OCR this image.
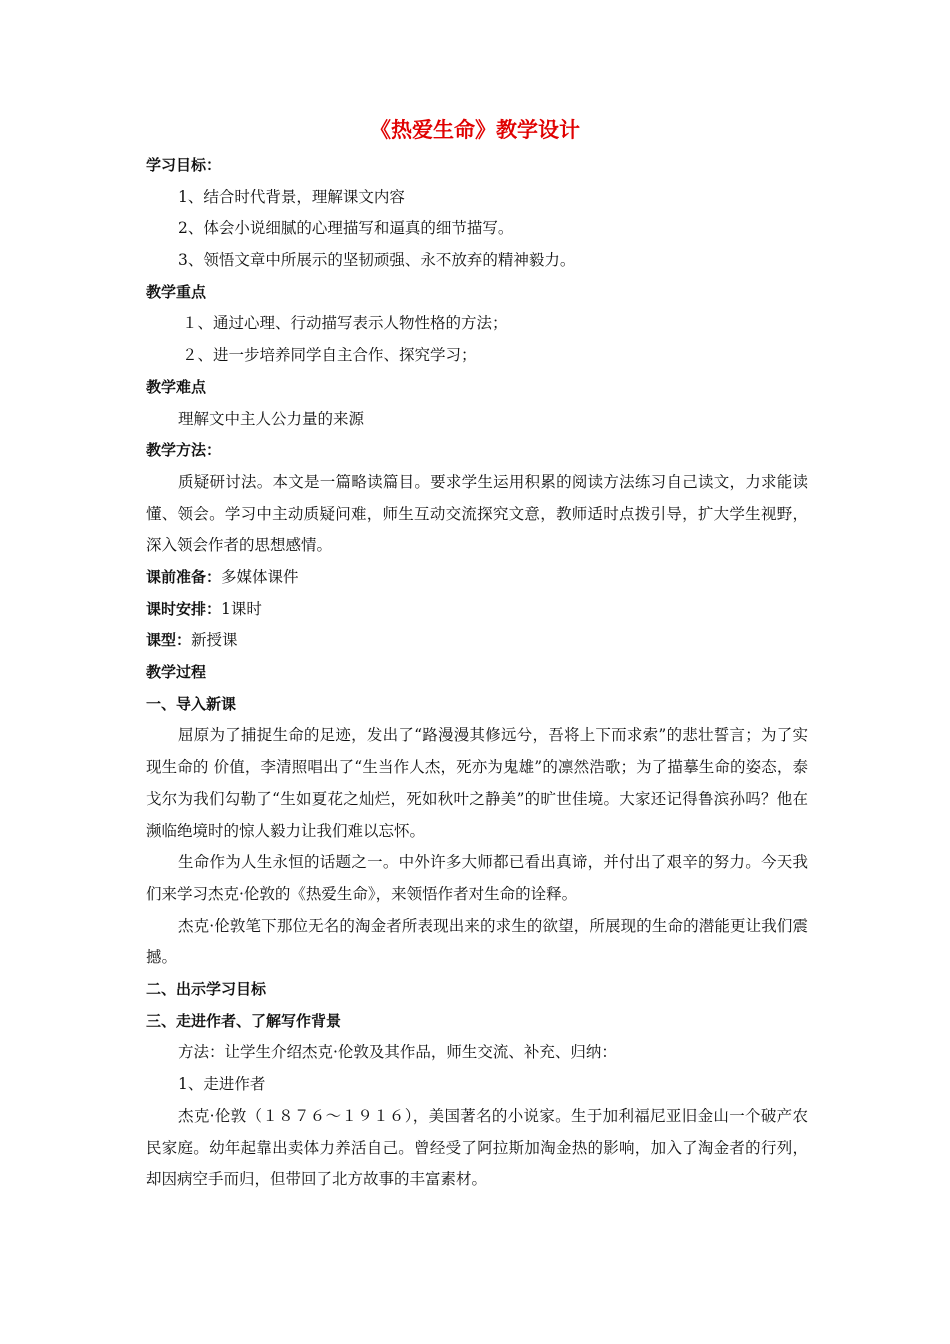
《热爱生命》教学设计
学习目标：
1、结合时代背景，理解课文内容
2、体会小说细腻的心理描写和逼真的细节描写。
3、领悟文章中所展示的坚韧顽强、永不放弃的精神毅力。
教学重点
１、通过心理、行动描写表示人物性格的方法；
２、进一步培养同学自主合作、探究学习；
教学难点
理解文中主人公力量的来源
教学方法：
质疑研讨法。本文是一篇略读篇目。要求学生运用积累的阅读方法练习自己读文，力求能读懂、领会。学习中主动质疑问难，师生互动交流探究文意，教师适时点拨引导，扩大学生视野，深入领会作者的思想感情。
课前准备：多媒体课件
课时安排：1课时
课型：新授课
教学过程
一、导入新课
屈原为了捕捉生命的足迹，发出了“路漫漫其修远兮，吾将上下而求索”的悲壮誓言；为了实现生命的 价值，李清照唱出了“生当作人杰，死亦为鬼雄”的凛然浩歌；为了描摹生命的姿态，泰戈尔为我们勾勒了“生如夏花之灿烂，死如秋叶之静美”的旷世佳境。大家还记得鲁滨孙吗？他在濒临绝境时的惊人毅力让我们难以忘怀。
生命作为人生永恒的话题之一。中外许多大师都已看出真谛，并付出了艰辛的努力。今天我们来学习杰克·伦敦的《热爱生命》，来领悟作者对生命的诠释。
杰克·伦敦笔下那位无名的淘金者所表现出来的求生的欲望，所展现的生命的潜能更让我们震撼。
二、出示学习目标
三、走进作者、了解写作背景
方法：让学生介绍杰克·伦敦及其作品，师生交流、补充、归纳：
1、走进作者
杰克·伦敦（１８７６～１９１６），美国著名的小说家。生于加利福尼亚旧金山一个破产农民家庭。幼年起靠出卖体力养活自己。曾经受了阿拉斯加淘金热的影响，加入了淘金者的行列，却因病空手而归，但带回了北方故事的丰富素材。
